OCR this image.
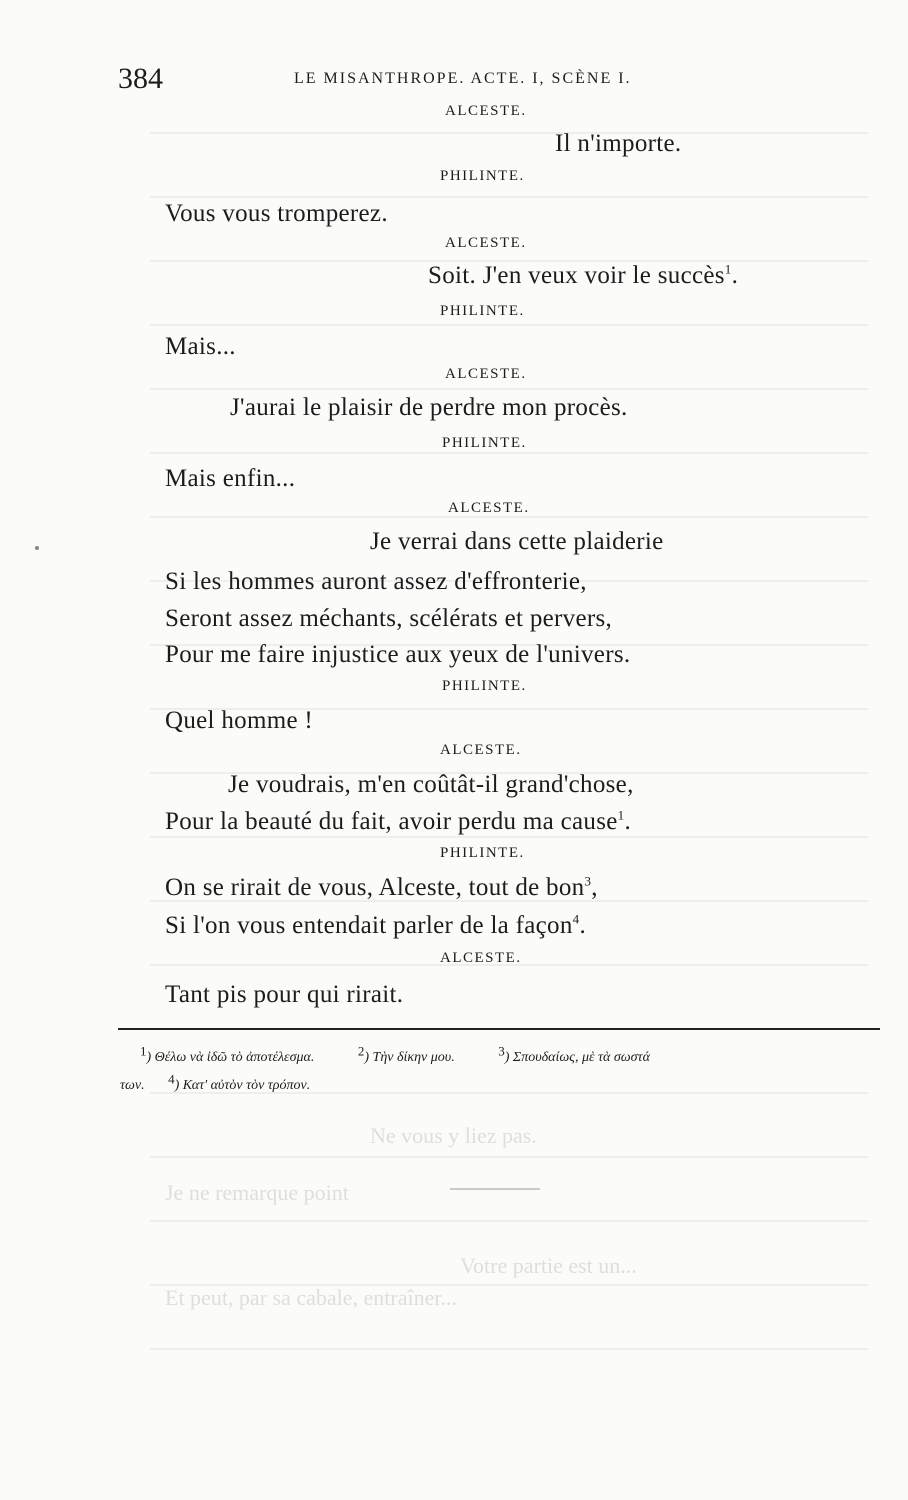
Ne vous y liez pas.
Je ne remarque point
Et peut, par sa cabale, entraîner...
Votre partie est un...
384	LE MISANTHROPE. ACTE. I, SCÈNE I.
ALCESTE.
Il n'importe.
PHILINTE.
Vous vous tromperez.
ALCESTE.
Soit. J'en veux voir le succès$^1$.
PHILINTE.
Mais...
ALCESTE.
J'aurai le plaisir de perdre mon procès.
PHILINTE.
Mais enfin...
ALCESTE.
Je verrai dans cette plaiderie
Si les hommes auront assez d'effronterie,
Seront assez méchants, scélérats et pervers,
Pour me faire injustice aux yeux de l'univers.
PHILINTE.
Quel homme !
ALCESTE.
Je voudrais, m'en coûtât-il grand'chose,
Pour la beauté du fait, avoir perdu ma cause$^1$.
PHILINTE.
On se rirait de vous, Alceste, tout de bon$^3$,
Si l'on vous entendait parler de la façon$^4$.
ALCESTE.
Tant pis pour qui rirait.
$^1$) Θέλω νὰ ἰδῶ τὸ ἀποτέλεσμα.	$^2$) Τὴν δίκην μου.	$^3$) Σπουδαίως, μὲ τὰ σωστά
των. $^4$) Κατ' αὐτὸν τὸν τρόπον.
